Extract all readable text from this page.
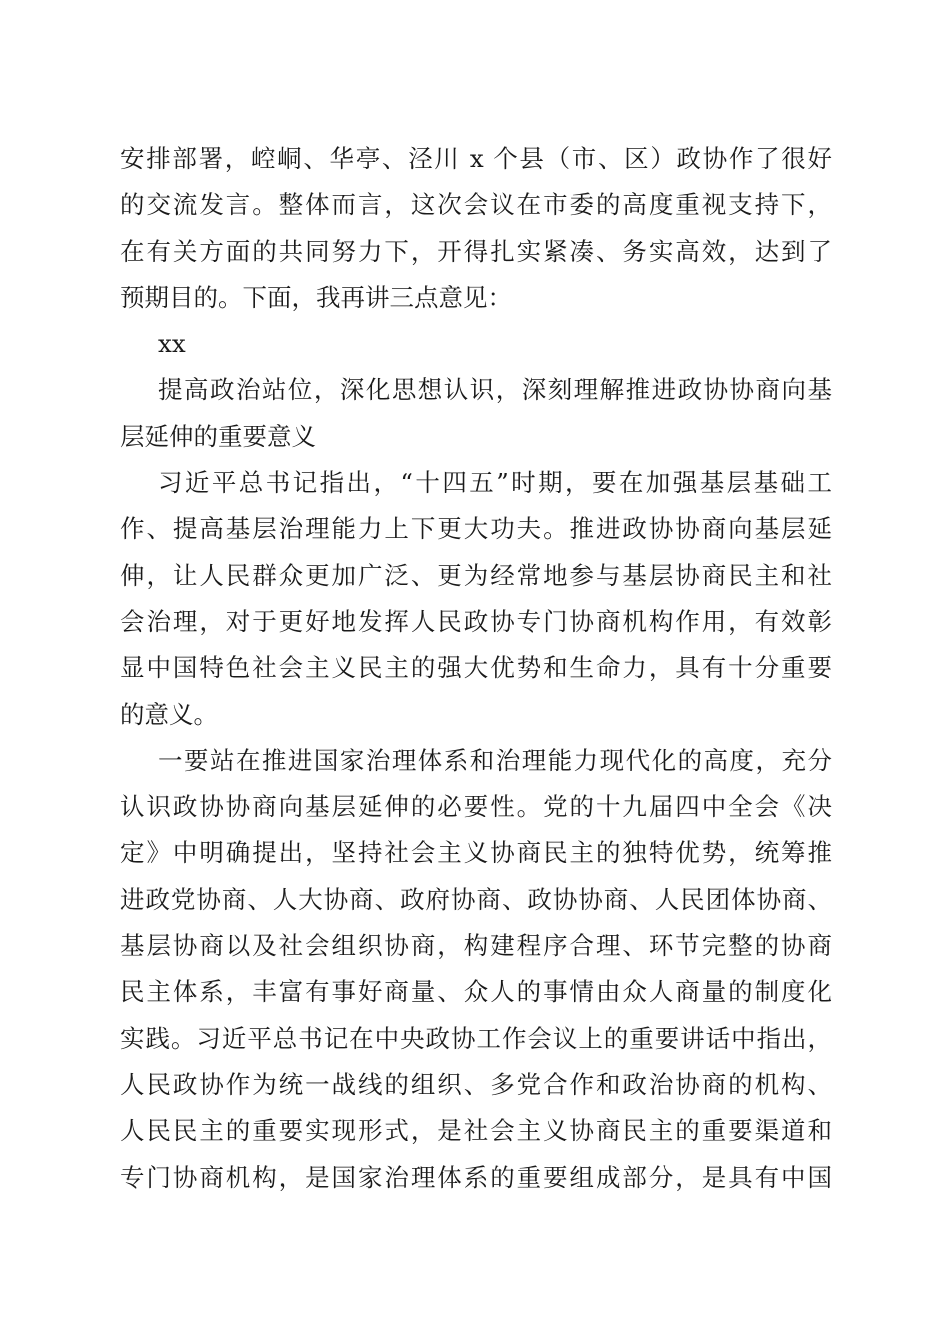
安排部署，崆峒、华亭、泾川 x 个县（市、区）政协作了很好
的交流发言。整体而言，这次会议在市委的高度重视支持下，
在有关方面的共同努力下，开得扎实紧凑、务实高效，达到了
预期目的。下面，我再讲三点意见：
xx
提高政治站位，深化思想认识，深刻理解推进政协协商向基
层延伸的重要意义
习近平总书记指出，“十四五”时期，要在加强基层基础工
作、提高基层治理能力上下更大功夫。推进政协协商向基层延
伸，让人民群众更加广泛、更为经常地参与基层协商民主和社
会治理，对于更好地发挥人民政协专门协商机构作用，有效彰
显中国特色社会主义民主的强大优势和生命力，具有十分重要
的意义。
一要站在推进国家治理体系和治理能力现代化的高度，充分
认识政协协商向基层延伸的必要性。党的十九届四中全会《决
定》中明确提出，坚持社会主义协商民主的独特优势，统筹推
进政党协商、人大协商、政府协商、政协协商、人民团体协商、
基层协商以及社会组织协商，构建程序合理、环节完整的协商
民主体系，丰富有事好商量、众人的事情由众人商量的制度化
实践。习近平总书记在中央政协工作会议上的重要讲话中指出，
人民政协作为统一战线的组织、多党合作和政治协商的机构、
人民民主的重要实现形式，是社会主义协商民主的重要渠道和
专门协商机构，是国家治理体系的重要组成部分，是具有中国
